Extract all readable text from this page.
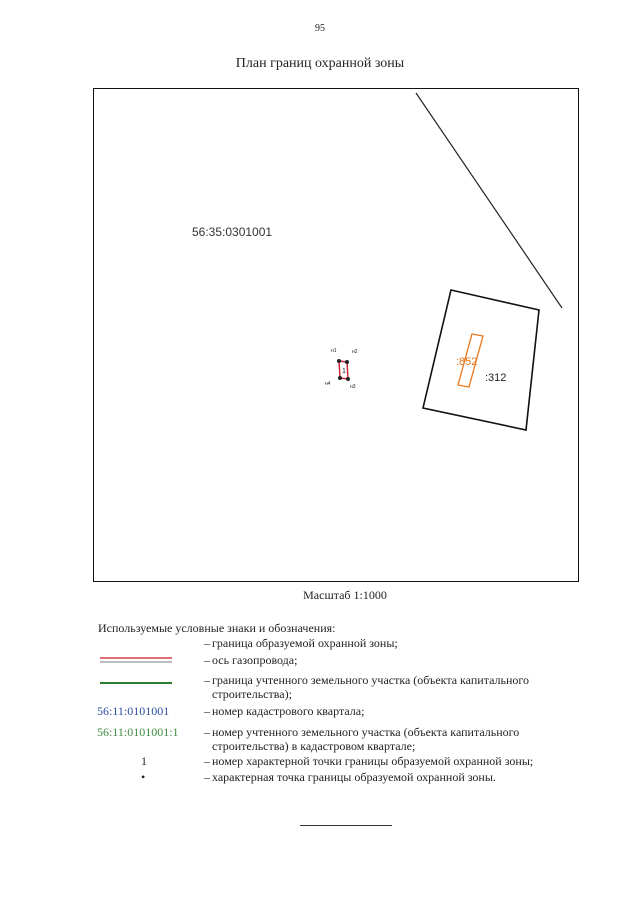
95
План границ охранной зоны
56:35:0301001
:852
:312
1
н1	н2
н3
н4
Масштаб 1:1000
Используемые условные знаки и обозначения:
– граница образуемой охранной зоны;
– ось газопровода;
– граница учтенного земельного участка (объекта капитального строительства);
56:11:0101001	– номер кадастрового квартала;
56:11:0101001:1	– номер учтенного земельного участка (объекта капитального строительства) в кадастровом квартале;
1	– номер характерной точки границы образуемой охранной зоны;
•	– характерная точка границы образуемой охранной зоны.
